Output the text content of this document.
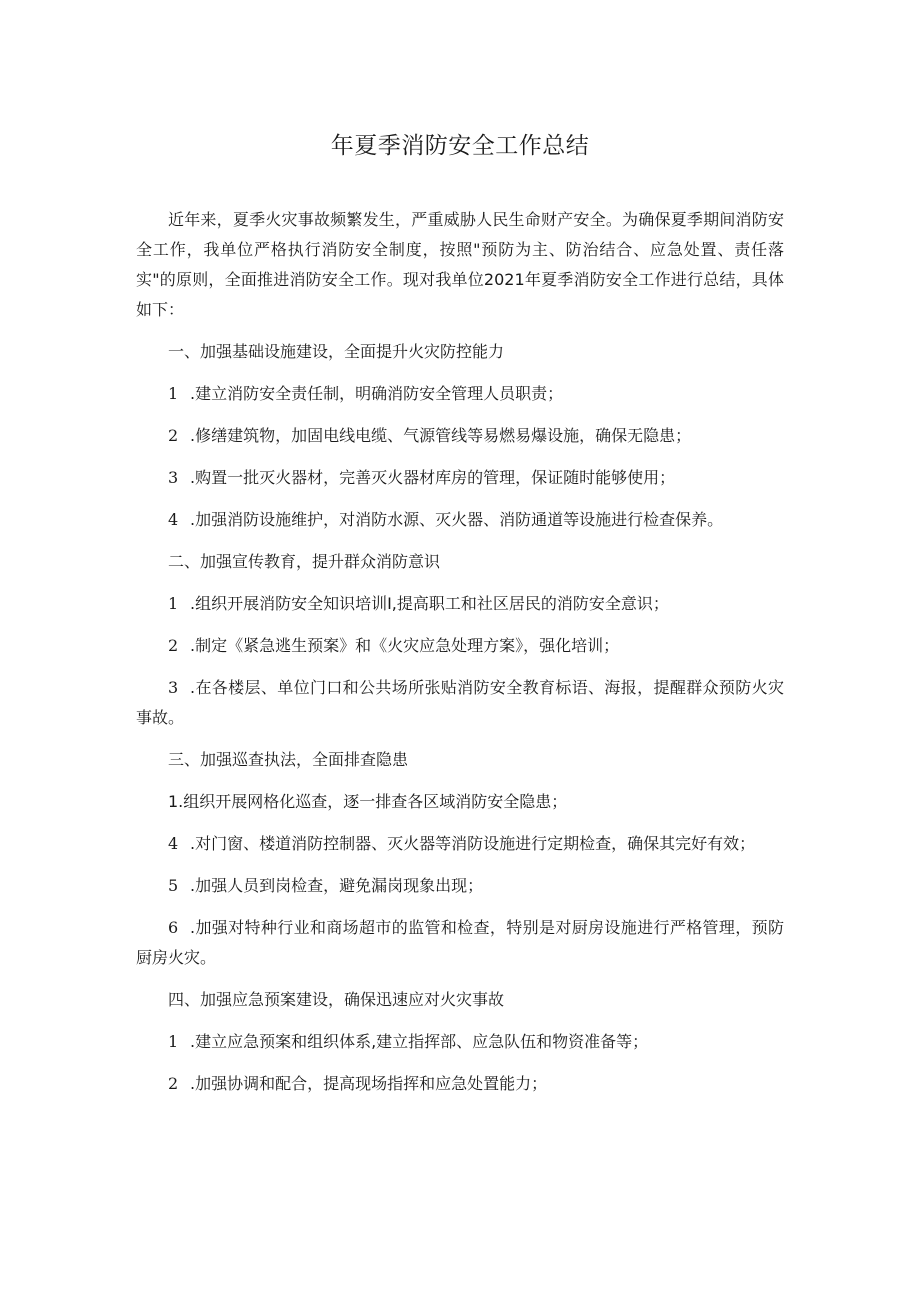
年夏季消防安全工作总结

近年来，夏季火灾事故频繁发生，严重威胁人民生命财产安全。为确保夏季期间消防安全工作，我单位严格执行消防安全制度，按照"预防为主、防治结合、应急处置、责任落实"的原则，全面推进消防安全工作。现对我单位2021年夏季消防安全工作进行总结，具体如下：

一、加强基础设施建设，全面提升火灾防控能力

1 .建立消防安全责任制，明确消防安全管理人员职责；

2 .修缮建筑物，加固电线电缆、气源管线等易燃易爆设施，确保无隐患；

3 .购置一批灭火器材，完善灭火器材库房的管理，保证随时能够使用；

4 .加强消防设施维护，对消防水源、灭火器、消防通道等设施进行检查保养。

二、加强宣传教育，提升群众消防意识

1 .组织开展消防安全知识培训I,提高职工和社区居民的消防安全意识；

2 .制定《紧急逃生预案》和《火灾应急处理方案》，强化培训；

3 .在各楼层、单位门口和公共场所张贴消防安全教育标语、海报，提醒群众预防火灾事故。

三、加强巡查执法，全面排查隐患

1.组织开展网格化巡查，逐一排查各区域消防安全隐患；

4 .对门窗、楼道消防控制器、灭火器等消防设施进行定期检查，确保其完好有效；

5 .加强人员到岗检查，避免漏岗现象出现；

6 .加强对特种行业和商场超市的监管和检查，特别是对厨房设施进行严格管理，预防厨房火灾。

四、加强应急预案建设，确保迅速应对火灾事故

1 .建立应急预案和组织体系,建立指挥部、应急队伍和物资准备等；

2 .加强协调和配合，提高现场指挥和应急处置能力；
